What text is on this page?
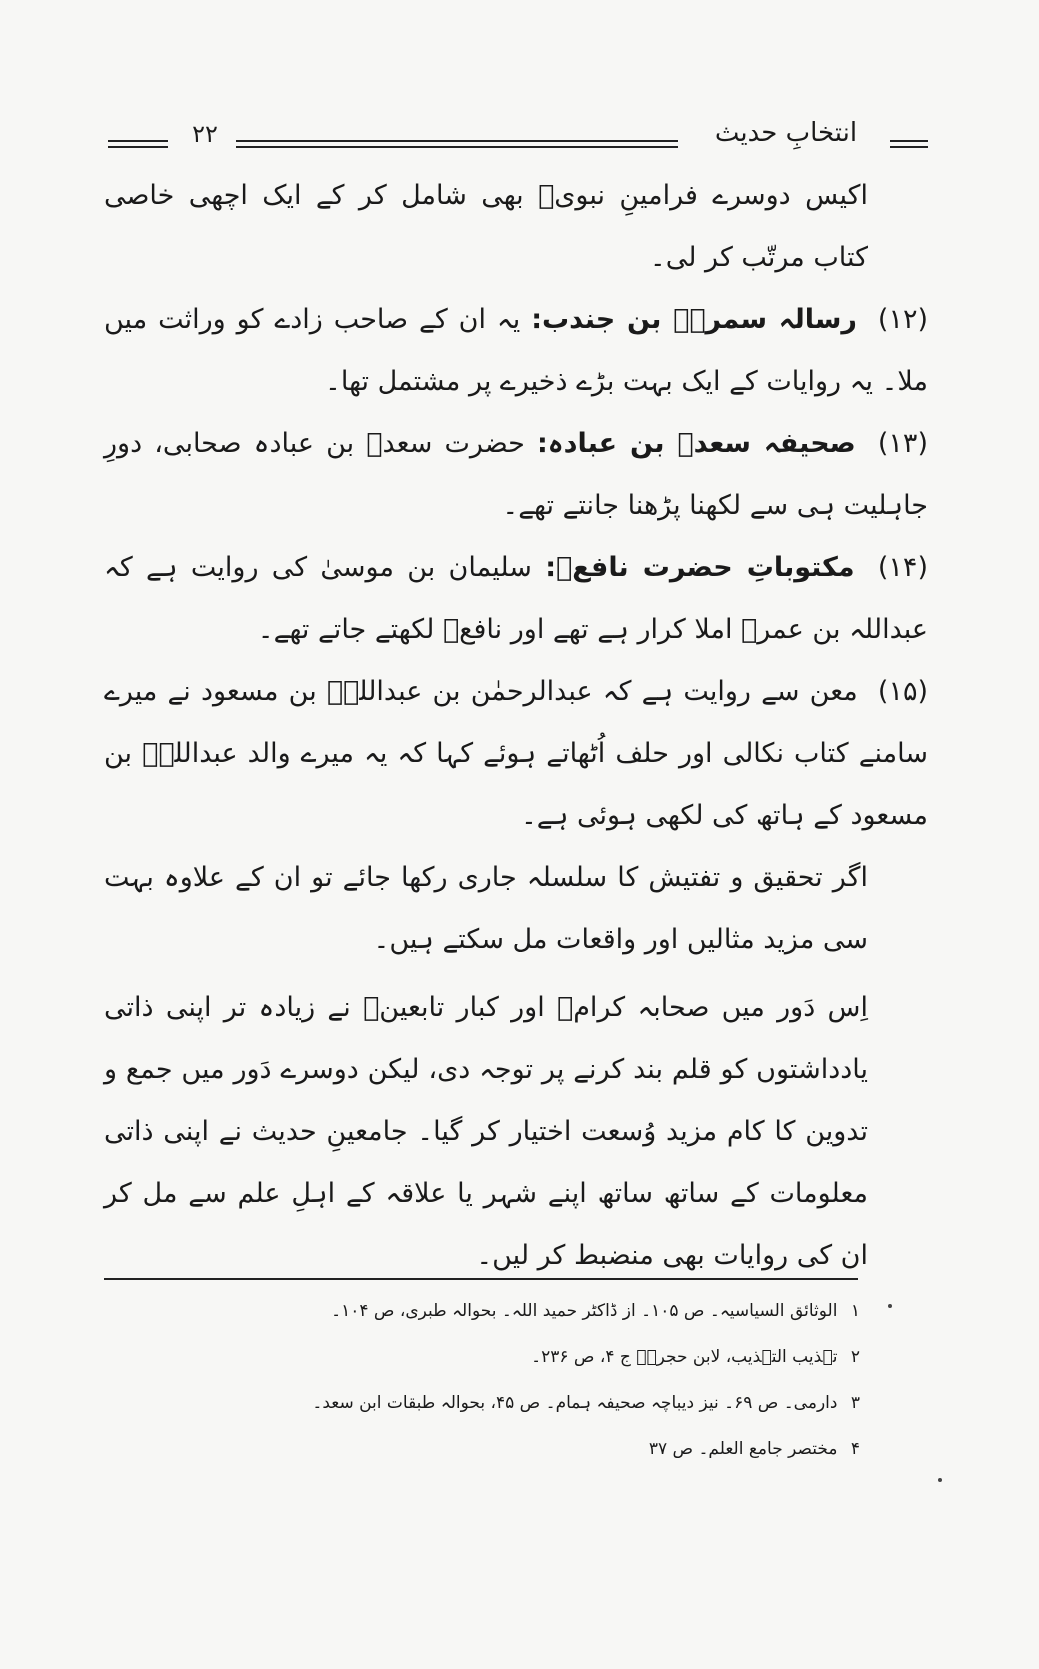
۲۲	انتخابِ حدیث

اکیس دوسرے فرامینِ نبویؐ بھی شامل کر کے ایک اچھی خاصی کتاب مرتّب کر لی۔

(۱۲) رسالہ سمرہؓ بن جندب: یہ ان کے صاحب زادے کو وراثت میں ملا۔ یہ روایات کے ایک بہت بڑے ذخیرے پر مشتمل تھا۔

(۱۳) صحیفہ سعدؓ بن عبادہ: حضرت سعدؓ بن عبادہ صحابی، دورِ جاہلیت ہی سے لکھنا پڑھنا جانتے تھے۔

(۱۴) مکتوباتِ حضرت نافعؒ: سلیمان بن موسیٰ کی روایت ہے کہ عبداللہ بن عمرؓ املا کرار ہے تھے اور نافعؒ لکھتے جاتے تھے۔

(۱۵) معن سے روایت ہے کہ عبدالرحمٰن بن عبداللہؓ بن مسعود نے میرے سامنے کتاب نکالی اور حلف اُٹھاتے ہوئے کہا کہ یہ میرے والد عبداللہؓ بن مسعود کے ہاتھ کی لکھی ہوئی ہے۔

اگر تحقیق و تفتیش کا سلسلہ جاری رکھا جائے تو ان کے علاوہ بہت سی مزید مثالیں اور واقعات مل سکتے ہیں۔

اِس دَور میں صحابہ کرامؓ اور کبار تابعینؒ نے زیادہ تر اپنی ذاتی یادداشتوں کو قلم بند کرنے پر توجہ دی، لیکن دوسرے دَور میں جمع و تدوین کا کام مزید وُسعت اختیار کر گیا۔ جامعینِ حدیث نے اپنی ذاتی معلومات کے ساتھ ساتھ اپنے شہر یا علاقہ کے اہلِ علم سے مل کر ان کی روایات بھی منضبط کر لیں۔

۱ الوثائق السیاسیہ۔ ص ۱۰۵۔ از ڈاکٹر حمید اللہ۔ بحوالہ طبری، ص ۱۰۴۔
۲ تہذیب التہذیب، لابن حجرؒ۔ ج ۴، ص ۲۳۶۔
۳ دارمی۔ ص ۶۹۔ نیز دیباچہ صحیفہ ہمام۔ ص ۴۵، بحوالہ طبقات ابن سعد۔
۴ مختصر جامع العلم۔ ص ۳۷
